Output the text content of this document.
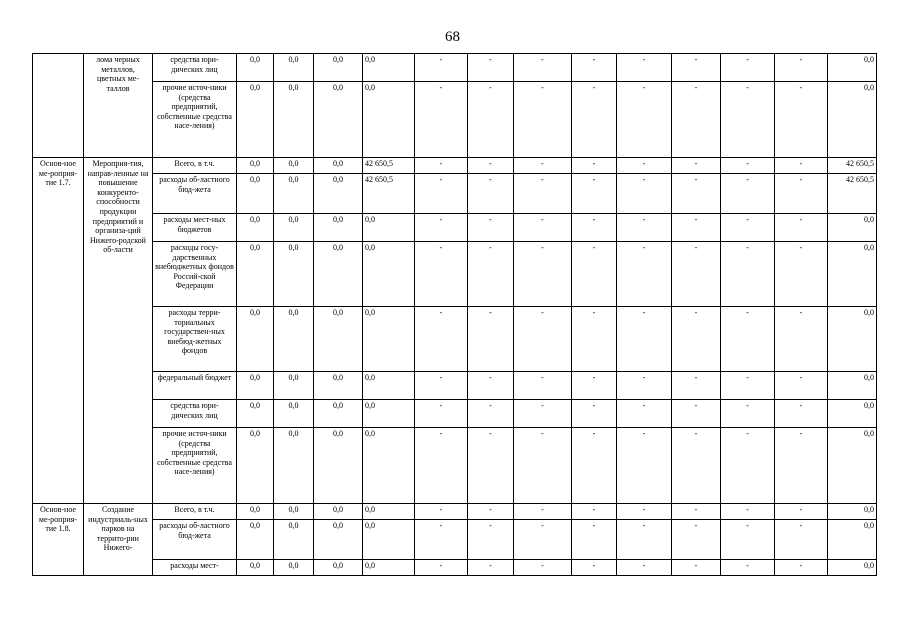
68
	лома черных металлов, цветных ме-таллов	средства юри-дических лиц	0,0	0,0	0,0	0,0	-	-	-	-	-	-	-	-	0,0
		прочие источ-ники (средства предприятий, собственные средства насе-ления)	0,0	0,0	0,0	0,0	-	-	-	-	-	-	-	-	0,0
Основ-ное ме-роприя-тие 1.7.	Мероприя-тия, направ-ленные на повышение конкуренто-способности продукции предприятий и организа-ций Нижего-родской об-ласти	Всего, в т.ч.	0,0	0,0	0,0	42 650,5	-	-	-	-	-	-	-	-	42 650,5
		расходы об-ластного бюд-жета	0,0	0,0	0,0	42 650,5	-	-	-	-	-	-	-	-	42 650,5
		расходы мест-ных бюджетов	0,0	0,0	0,0	0,0	-	-	-	-	-	-	-	-	0,0
		расходы госу-дарственных внебюджетных фондов Россий-ской Федерации	0,0	0,0	0,0	0,0	-	-	-	-	-	-	-	-	0,0
		расходы терри-ториальных государствен-ных внебюд-жетных фондов	0,0	0,0	0,0	0,0	-	-	-	-	-	-	-	-	0,0
		федеральный бюджет	0,0	0,0	0,0	0,0	-	-	-	-	-	-	-	-	0,0
		средства юри-дических лиц	0,0	0,0	0,0	0,0	-	-	-	-	-	-	-	-	0,0
		прочие источ-ники (средства предприятий, собственные средства насе-ления)	0,0	0,0	0,0	0,0	-	-	-	-	-	-	-	-	0,0
Основ-ное ме-роприя-тие 1.8.	Создание индустриаль-ных парков на террито-рии Нижего-	Всего, в т.ч.	0,0	0,0	0,0	0,0	-	-	-	-	-	-	-	-	0,0
		расходы об-ластного бюд-жета	0,0	0,0	0,0	0,0	-	-	-	-	-	-	-	-	0,0
		расходы мест-	0,0	0,0	0,0	0,0	-	-	-	-	-	-	-	-	0,0
